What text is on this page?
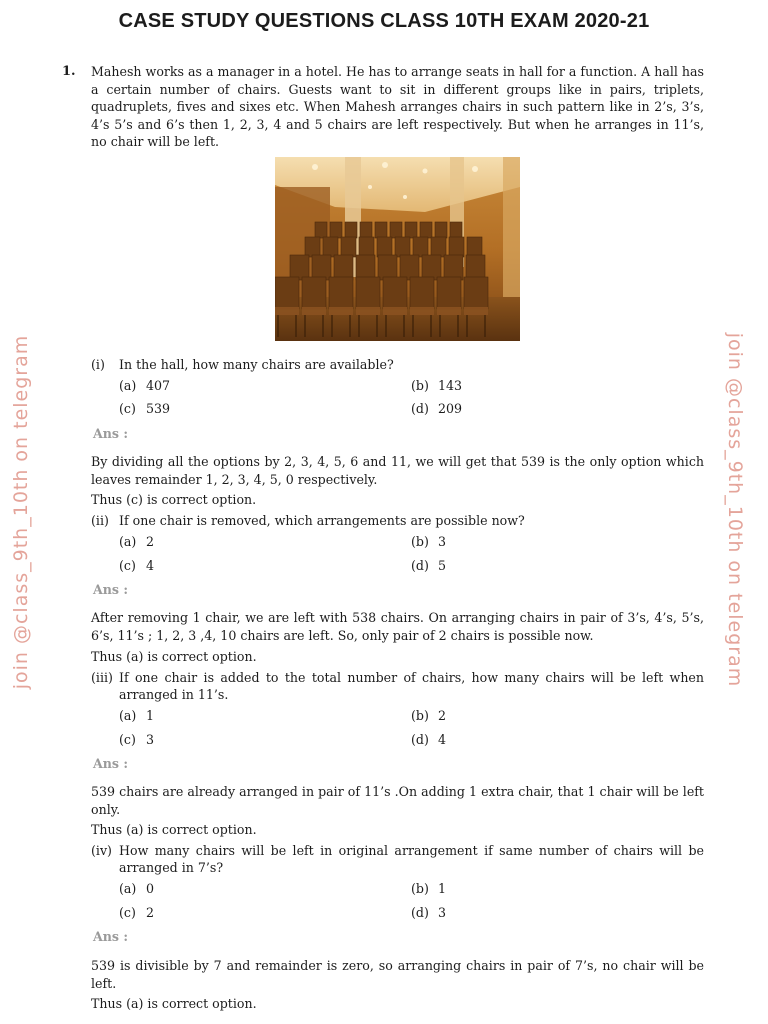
CASE STUDY QUESTIONS CLASS 10TH EXAM 2020-21
join @class_9th_10th on telegram	join @class_9th_10th on telegram
1. Mahesh works as a manager in a hotel. He has to arrange seats in hall for a function. A hall has a certain number of chairs. Guests want to sit in different groups like in pairs, triplets, quadruplets, fives and sixes etc. When Mahesh arranges chairs in such pattern like in 2’s, 3’s, 4’s 5’s and 6’s then 1, 2, 3, 4 and 5 chairs are left respectively. But when he arranges in 11’s, no chair will be left.

(i)	In the hall, how many chairs are available?
(a) 407	(b) 143
(c) 539	(d) 209
Ans :

By dividing all the options by 2, 3, 4, 5, 6 and 11, we will get that 539 is the only option which leaves remainder 1, 2, 3, 4, 5, 0 respectively.

Thus (c) is correct option.

(ii) If one chair is removed, which arrangements are possible now?
(a) 2	(b) 3
(c) 4	(d) 5
Ans :

After removing 1 chair, we are left with 538 chairs. On arranging chairs in pair of 3’s, 4’s, 5’s, 6’s, 11’s ; 1, 2, 3 ,4, 10 chairs are left. So, only pair of 2 chairs is possible now.

Thus (a) is correct option.

(iii) If one chair is added to the total number of chairs, how many chairs will be left when arranged in 11’s.
(a) 1	(b) 2
(c) 3	(d) 4
Ans :

539 chairs are already arranged in pair of 11’s .On adding 1 extra chair, that 1 chair will be left only.

Thus (a) is correct option.

(iv) How many chairs will be left in original arrangement if same number of chairs will be arranged in 7’s?
(a) 0	(b) 1
(c) 2	(d) 3
Ans :

539 is divisible by 7 and remainder is zero, so arranging chairs in pair of 7’s, no chair will be left.

Thus (a) is correct option.
